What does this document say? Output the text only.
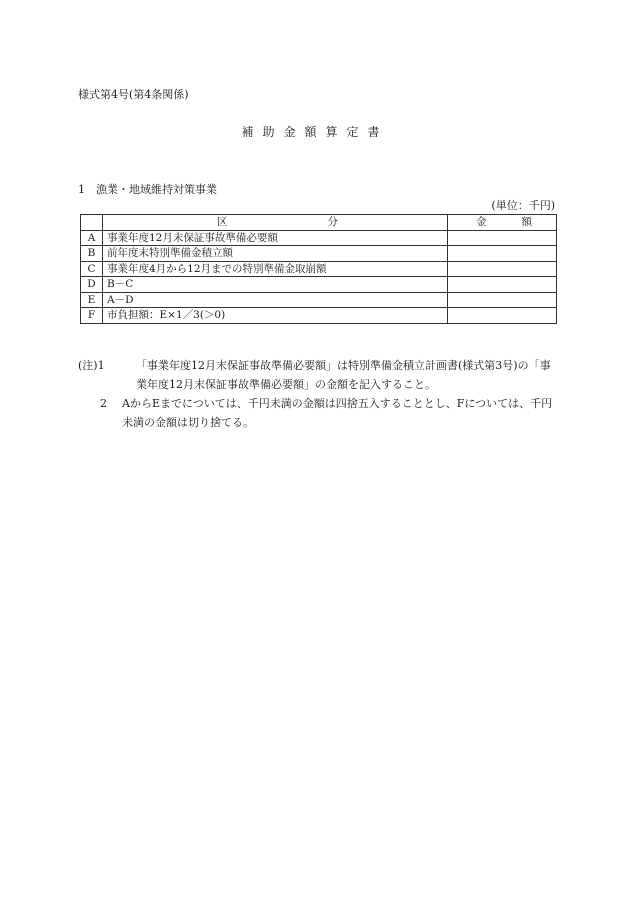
様式第4号(第4条関係)
補助金額算定書
1　漁業・地域維持対策事業
(単位：千円)

	区 分	金 額

A	事業年度12月末保証事故準備必要額	
B	前年度末特別準備金積立額	
C	事業年度4月から12月までの特別準備金取崩額	
D	B－C	
E	A－D	
F	市負担額：E×1／3(＞0)	
(注)1　	「事業年度12月末保証事故準備必要額」は特別準備金積立計画書(様式第3号)の「事業年度12月末保証事故準備必要額」の金額を記入すること。
2　 AからEまでについては、千円未満の金額は四捨五入することとし、Fについては、千円未満の金額は切り捨てる。
